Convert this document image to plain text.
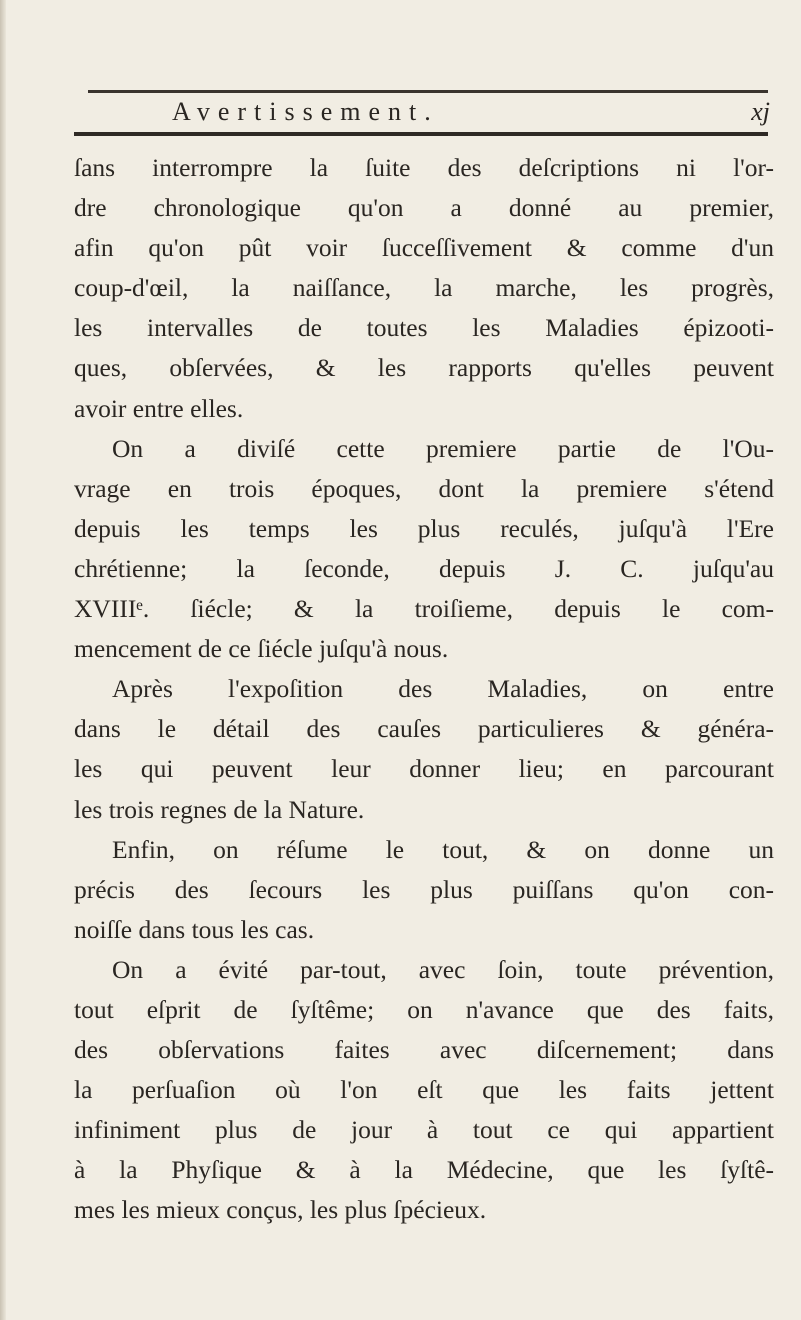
Avertissement.	xj
ſans interrompre la ſuite des deſcriptions ni l'or-
dre chronologique qu'on a donné au premier,
afin qu'on pût voir ſucceſſivement & comme d'un
coup-d'œil, la naiſſance, la marche, les progrès,
les intervalles de toutes les Maladies épizooti-
ques, obſervées, & les rapports qu'elles peuvent
avoir entre elles.
On a diviſé cette premiere partie de l'Ou-
vrage en trois époques, dont la premiere s'étend
depuis les temps les plus reculés, juſqu'à l'Ere
chrétienne; la ſeconde, depuis J. C. juſqu'au
XVIIIᵉ. ſiécle; & la troiſieme, depuis le com-
mencement de ce ſiécle juſqu'à nous.
Après l'expoſition des Maladies, on entre
dans le détail des cauſes particulieres & généra-
les qui peuvent leur donner lieu; en parcourant
les trois regnes de la Nature.
Enfin, on réſume le tout, & on donne un
précis des ſecours les plus puiſſans qu'on con-
noiſſe dans tous les cas.
On a évité par-tout, avec ſoin, toute prévention,
tout eſprit de ſyſtême; on n'avance que des faits,
des obſervations faites avec diſcernement; dans
la perſuaſion où l'on eſt que les faits jettent
infiniment plus de jour à tout ce qui appartient
à la Phyſique & à la Médecine, que les ſyſtê-
mes les mieux conçus, les plus ſpécieux.
